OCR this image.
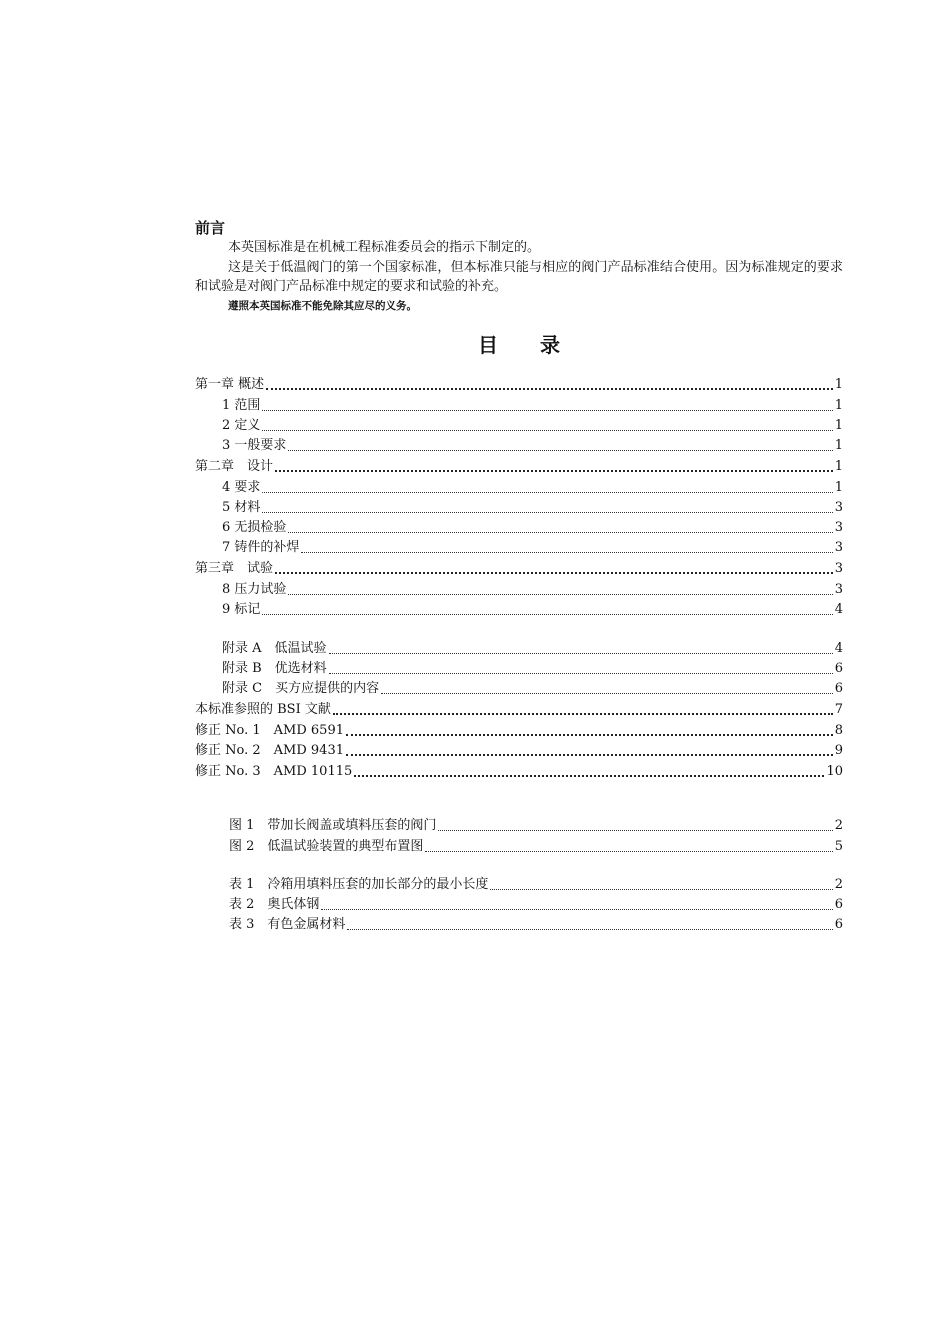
前言
本英国标准是在机械工程标准委员会的指示下制定的。
这是关于低温阀门的第一个国家标准，但本标准只能与相应的阀门产品标准结合使用。因为标准规定的要求和试验是对阀门产品标准中规定的要求和试验的补充。
遵照本英国标准不能免除其应尽的义务。
目录
第一章 概述	1
1 范围	1
2 定义	1
3 一般要求	1
第二章　设计	1
4 要求	1
5 材料	3
6 无损检验	3
7 铸件的补焊	3
第三章　试验	3
8 压力试验	3
9 标记	4
附录 A　低温试验	4
附录 B　优选材料	6
附录 C　买方应提供的内容	6
本标准参照的 BSI 文献	7
修正 No. 1　AMD 6591	8
修正 No. 2　AMD 9431	9
修正 No. 3　AMD 10115	10
图 1　带加长阀盖或填料压套的阀门	2
图 2　低温试验装置的典型布置图	5
表 1　冷箱用填料压套的加长部分的最小长度	2
表 2　奥氏体钢	6
表 3　有色金属材料	6
